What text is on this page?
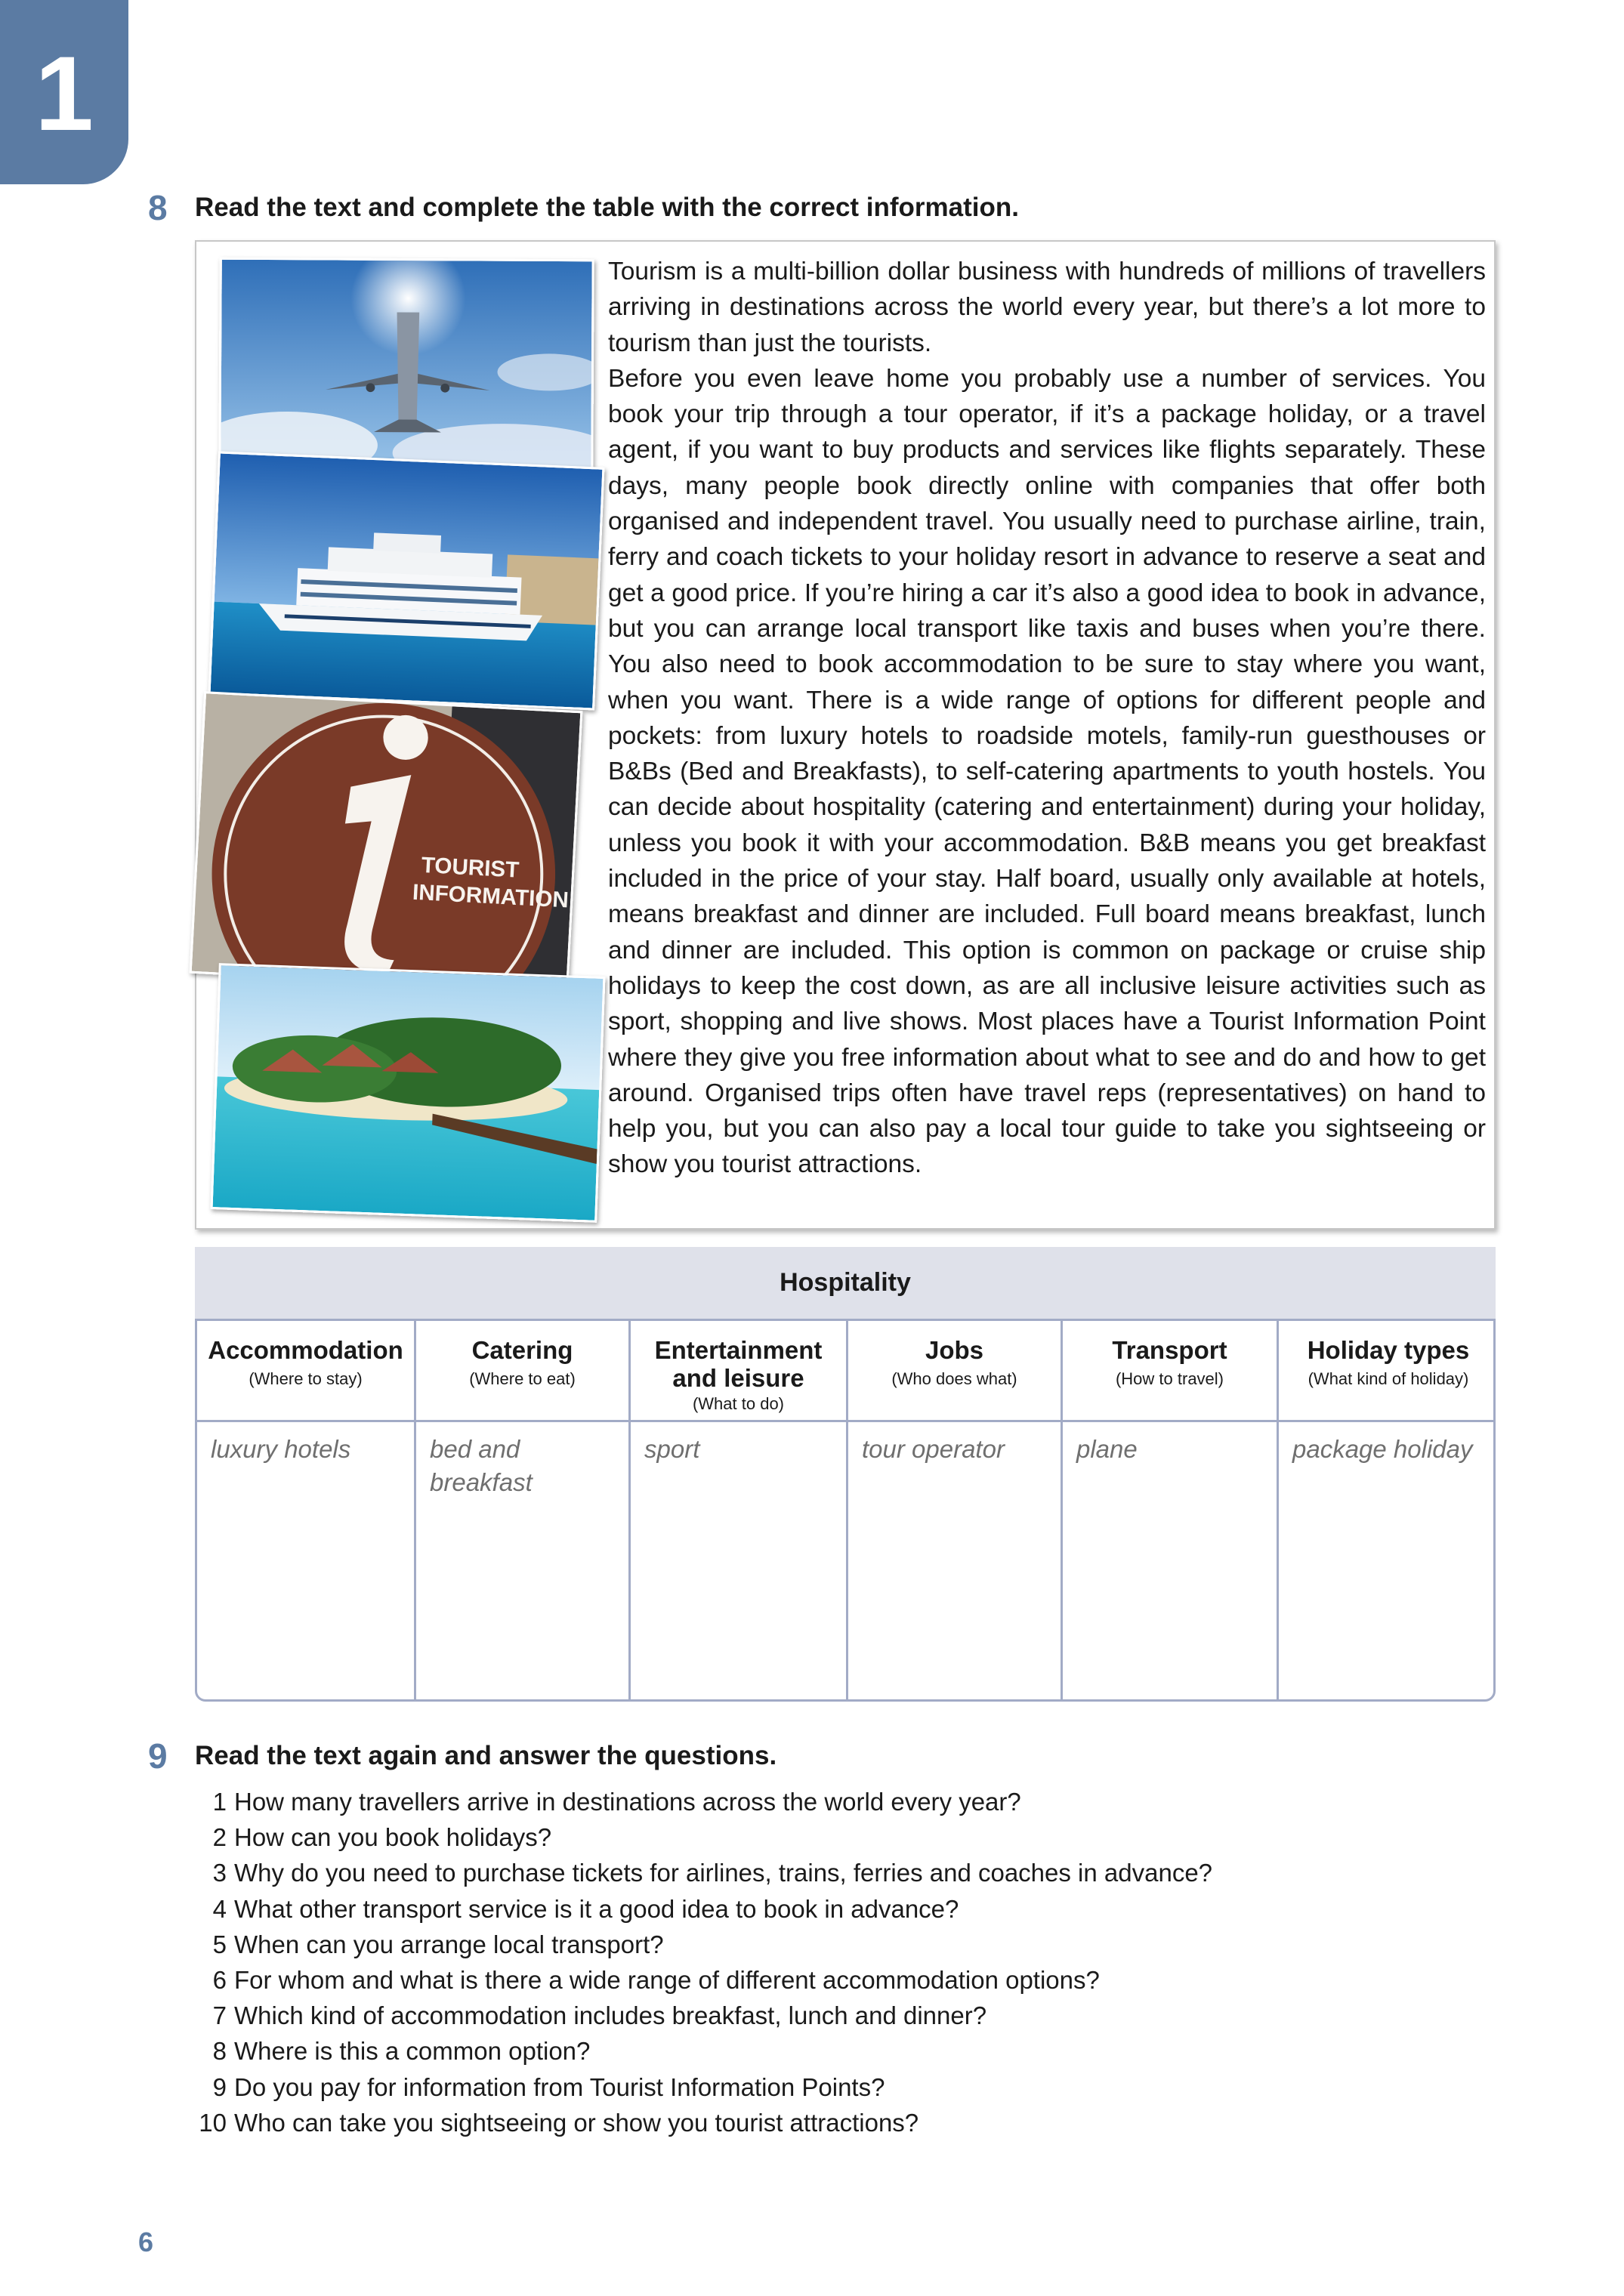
1
8 Read the text and complete the table with the correct information.
TOURIST
INFORMATION

Tourism is a multi-billion dollar business with hundreds of millions of travellers arriving in destinations across the world every year, but there’s a lot more to tourism than just the tourists.

Before you even leave home you probably use a number of services. You book your trip through a tour operator, if it’s a package holiday, or a travel agent, if you want to buy products and services like flights separately. These days, many people book directly online with companies that offer both organised and independent travel. You usually need to purchase airline, train, ferry and coach tickets to your holiday resort in advance to reserve a seat and get a good price. If you’re hiring a car it’s also a good idea to book in advance, but you can arrange local transport like taxis and buses when you’re there. You also need to book accommodation to be sure to stay where you want, when you want. There is a wide range of options for different people and pockets: from luxury hotels to roadside motels, family-run guesthouses or B&Bs (Bed and Breakfasts), to self-catering apartments to youth hostels. You can decide about hospitality (catering and entertainment) during your holiday, unless you book it with your accommodation. B&B means you get breakfast included in the price of your stay. Half board, usually only available at hotels, means breakfast and dinner are included. Full board means breakfast, lunch and dinner are included. This option is common on package or cruise ship holidays to keep the cost down, as are all inclusive leisure activities such as sport, shopping and live shows. Most places have a Tourist Information Point where they give you free information about what to see and do and how to get around. Organised trips often have travel reps (representatives) on hand to help you, but you can also pay a local tour guide to take you sightseeing or show you tourist attractions.

Hospitality
Accommodation
(Where to stay)
luxury hotels
Catering
(Where to eat)
bed and breakfast
Entertainment and leisure
(What to do)
sport
Jobs
(Who does what)
tour operator
Transport
(How to travel)
plane
Holiday types
(What kind of holiday)
package holiday
9 Read the text again and answer the questions.
1 How many travellers arrive in destinations across the world every year?
2 How can you book holidays?
3 Why do you need to purchase tickets for airlines, trains, ferries and coaches in advance?
4 What other transport service is it a good idea to book in advance?
5 When can you arrange local transport?
6 For whom and what is there a wide range of different accommodation options?
7 Which kind of accommodation includes breakfast, lunch and dinner?
8 Where is this a common option?
9 Do you pay for information from Tourist Information Points?
10 Who can take you sightseeing or show you tourist attractions?
6
